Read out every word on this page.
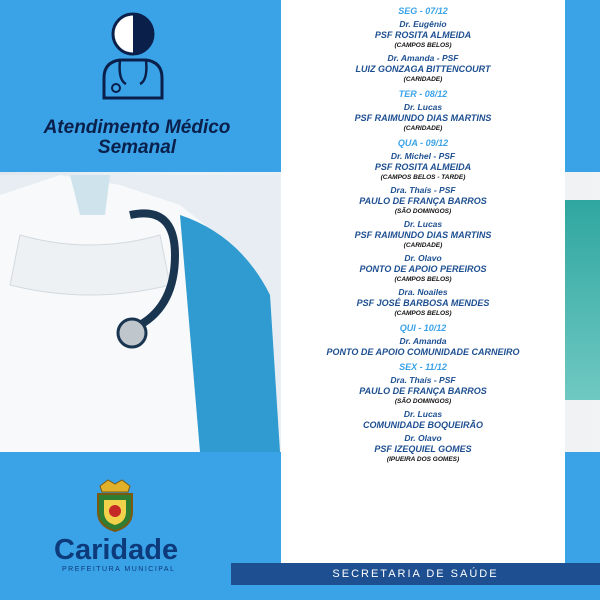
Atendimento Médico
Semanal
SEG - 07/12
Dr. Eugênio
PSF ROSITA ALMEIDA
(CAMPOS BELOS)
Dr. Amanda - PSF
LUIZ GONZAGA BITTENCOURT
(CARIDADE)
TER - 08/12
Dr. Lucas
PSF RAIMUNDO DIAS MARTINS
(CARIDADE)
QUA - 09/12
Dr. Michel - PSF
PSF ROSITA ALMEIDA
(CAMPOS BELOS - TARDE)
Dra. Thaís - PSF
PAULO DE FRANÇA BARROS
(SÃO DOMINGOS)
Dr. Lucas
PSF RAIMUNDO DIAS MARTINS
(CARIDADE)
Dr. Olavo
PONTO DE APOIO PEREIROS
(CAMPOS BELOS)
Dra. Noailes
PSF JOSÉ BARBOSA MENDES
(CAMPOS BELOS)
QUI - 10/12
Dr. Amanda
PONTO DE APOIO COMUNIDADE CARNEIRO
SEX - 11/12
Dra. Thaís - PSF
PAULO DE FRANÇA BARROS
(SÃO DOMINGOS)
Dr. Lucas
COMUNIDADE BOQUEIRÃO
Dr. Olavo
PSF IZEQUIEL GOMES
(IPUEIRA DOS GOMES)
Caridade
PREFEITURA MUNICIPAL	SECRETARIA DE SAÚDE
